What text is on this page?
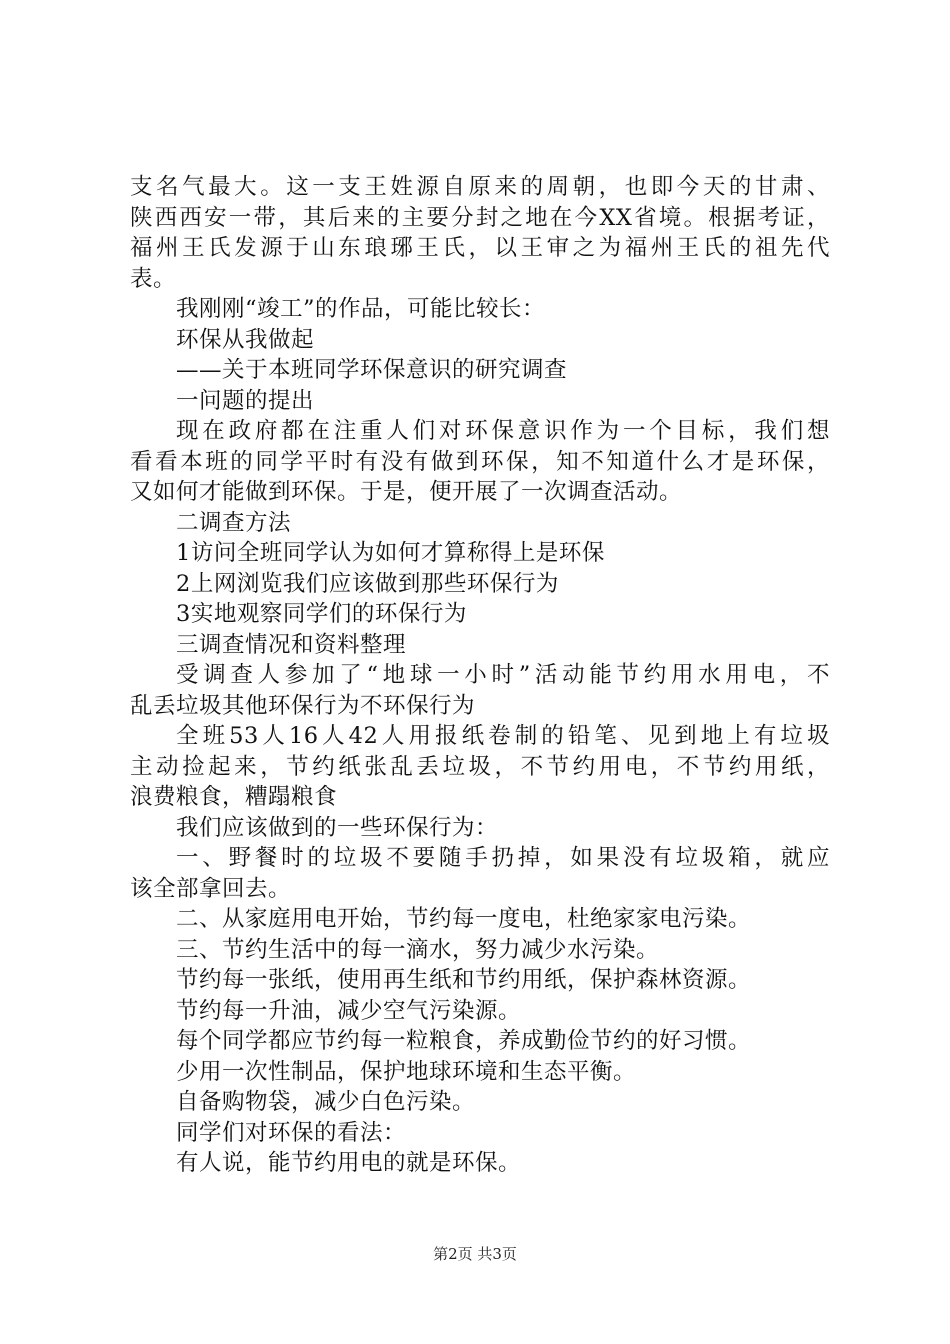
支名气最大。这一支王姓源自原来的周朝，也即今天的甘肃、
陕西西安一带，其后来的主要分封之地在今XX省境。根据考证，
福州王氏发源于山东琅琊王氏，以王审之为福州王氏的祖先代
表。
我刚刚“竣工”的作品，可能比较长：
环保从我做起
——关于本班同学环保意识的研究调查
一问题的提出
现在政府都在注重人们对环保意识作为一个目标，我们想
看看本班的同学平时有没有做到环保，知不知道什么才是环保，
又如何才能做到环保。于是，便开展了一次调查活动。
二调查方法
1访问全班同学认为如何才算称得上是环保
2上网浏览我们应该做到那些环保行为
3实地观察同学们的环保行为
三调查情况和资料整理
受调查人参加了“地球一小时”活动能节约用水用电，不
乱丢垃圾其他环保行为不环保行为
全班53人16人42人用报纸卷制的铅笔、见到地上有垃圾
主动捡起来，节约纸张乱丢垃圾，不节约用电，不节约用纸，
浪费粮食，糟蹋粮食
我们应该做到的一些环保行为：
一、野餐时的垃圾不要随手扔掉，如果没有垃圾箱，就应
该全部拿回去。
二、从家庭用电开始，节约每一度电，杜绝家家电污染。
三、节约生活中的每一滴水，努力减少水污染。
节约每一张纸，使用再生纸和节约用纸，保护森林资源。
节约每一升油，减少空气污染源。
每个同学都应节约每一粒粮食，养成勤俭节约的好习惯。
少用一次性制品，保护地球环境和生态平衡。
自备购物袋，减少白色污染。
同学们对环保的看法：
有人说，能节约用电的就是环保。
第2页 共3页
